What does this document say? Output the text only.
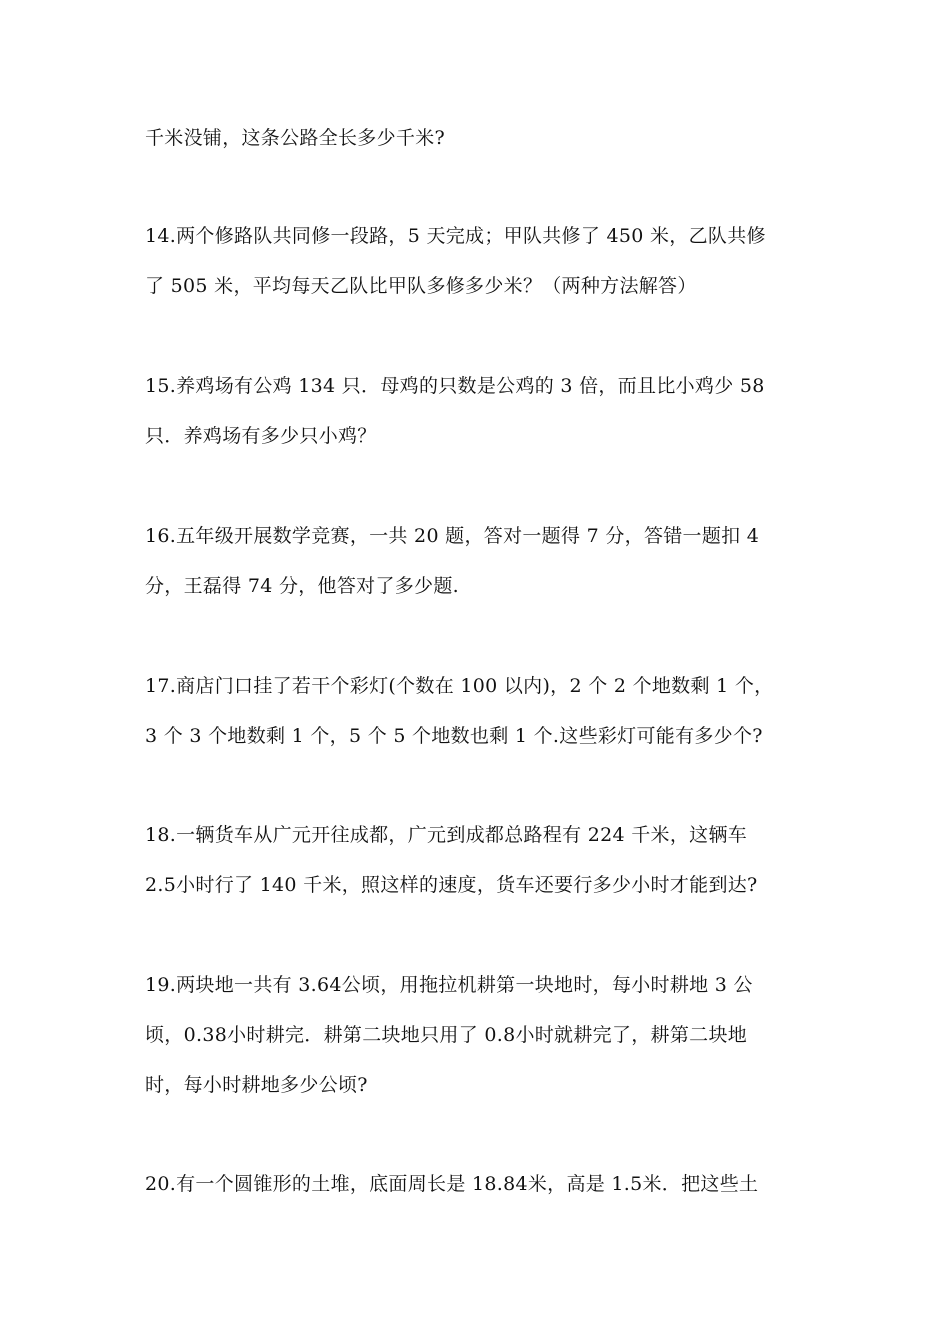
千米没铺，这条公路全长多少千米?
14.两个修路队共同修一段路，5 天完成；甲队共修了 450 米，乙队共修
了 505 米，平均每天乙队比甲队多修多少米？（两种方法解答）
15.养鸡场有公鸡 134 只．母鸡的只数是公鸡的 3 倍，而且比小鸡少 58
只．养鸡场有多少只小鸡？
16.五年级开展数学竞赛，一共 20 题，答对一题得 7 分，答错一题扣 4
分，王磊得 74 分，他答对了多少题.
17.商店门口挂了若干个彩灯(个数在 100 以内)，2 个 2 个地数剩 1 个，
3 个 3 个地数剩 1 个，5 个 5 个地数也剩 1 个.这些彩灯可能有多少个?
18.一辆货车从广元开往成都，广元到成都总路程有 224 千米，这辆车
2.5小时行了 140 千米，照这样的速度，货车还要行多少小时才能到达?
19.两块地一共有 3.64公顷，用拖拉机耕第一块地时，每小时耕地 3 公
顷，0.38小时耕完．耕第二块地只用了 0.8小时就耕完了，耕第二块地
时，每小时耕地多少公顷?
20.有一个圆锥形的土堆，底面周长是 18.84米，高是 1.5米．把这些土
